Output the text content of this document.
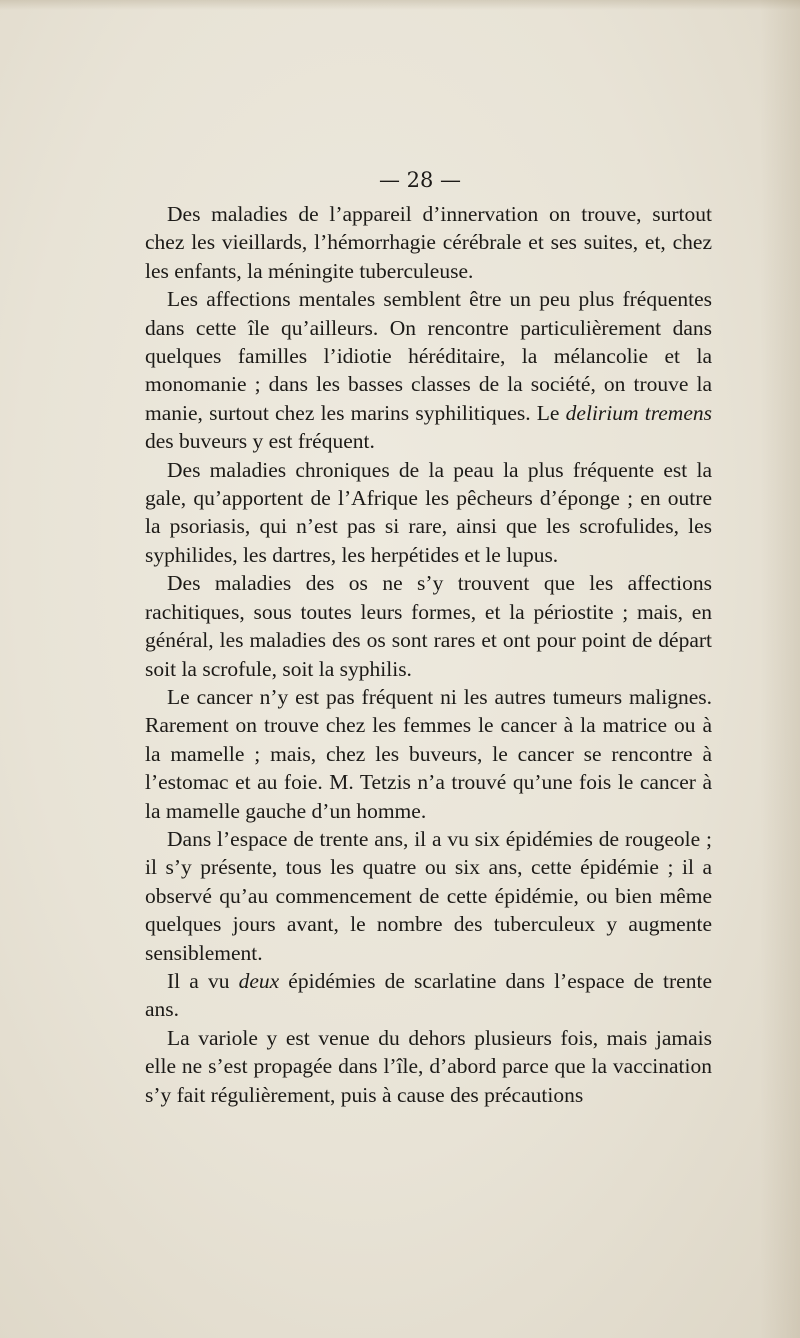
— 28 —

Des maladies de l’appareil d’innervation on trouve, surtout chez les vieillards, l’hémorrhagie cérébrale et ses suites, et, chez les enfants, la méningite tuberculeuse.

Les affections mentales semblent être un peu plus fréquentes dans cette île qu’ailleurs. On rencontre particulièrement dans quelques familles l’idiotie héréditaire, la mélancolie et la monomanie ; dans les basses classes de la société, on trouve la manie, surtout chez les marins syphilitiques. Le delirium tremens des buveurs y est fréquent.

Des maladies chroniques de la peau la plus fréquente est la gale, qu’apportent de l’Afrique les pêcheurs d’éponge ; en outre la psoriasis, qui n’est pas si rare, ainsi que les scrofulides, les syphilides, les dartres, les herpétides et le lupus.

Des maladies des os ne s’y trouvent que les affections rachitiques, sous toutes leurs formes, et la périostite ; mais, en général, les maladies des os sont rares et ont pour point de départ soit la scrofule, soit la syphilis.

Le cancer n’y est pas fréquent ni les autres tumeurs malignes. Rarement on trouve chez les femmes le cancer à la matrice ou à la mamelle ; mais, chez les buveurs, le cancer se rencontre à l’estomac et au foie. M. Tetzis n’a trouvé qu’une fois le cancer à la mamelle gauche d’un homme.

Dans l’espace de trente ans, il a vu six épidémies de rougeole ; il s’y présente, tous les quatre ou six ans, cette épidémie ; il a observé qu’au commencement de cette épidémie, ou bien même quelques jours avant, le nombre des tuberculeux y augmente sensiblement.

Il a vu deux épidémies de scarlatine dans l’espace de trente ans.

La variole y est venue du dehors plusieurs fois, mais jamais elle ne s’est propagée dans l’île, d’abord parce que la vaccination s’y fait régulièrement, puis à cause des précautions
